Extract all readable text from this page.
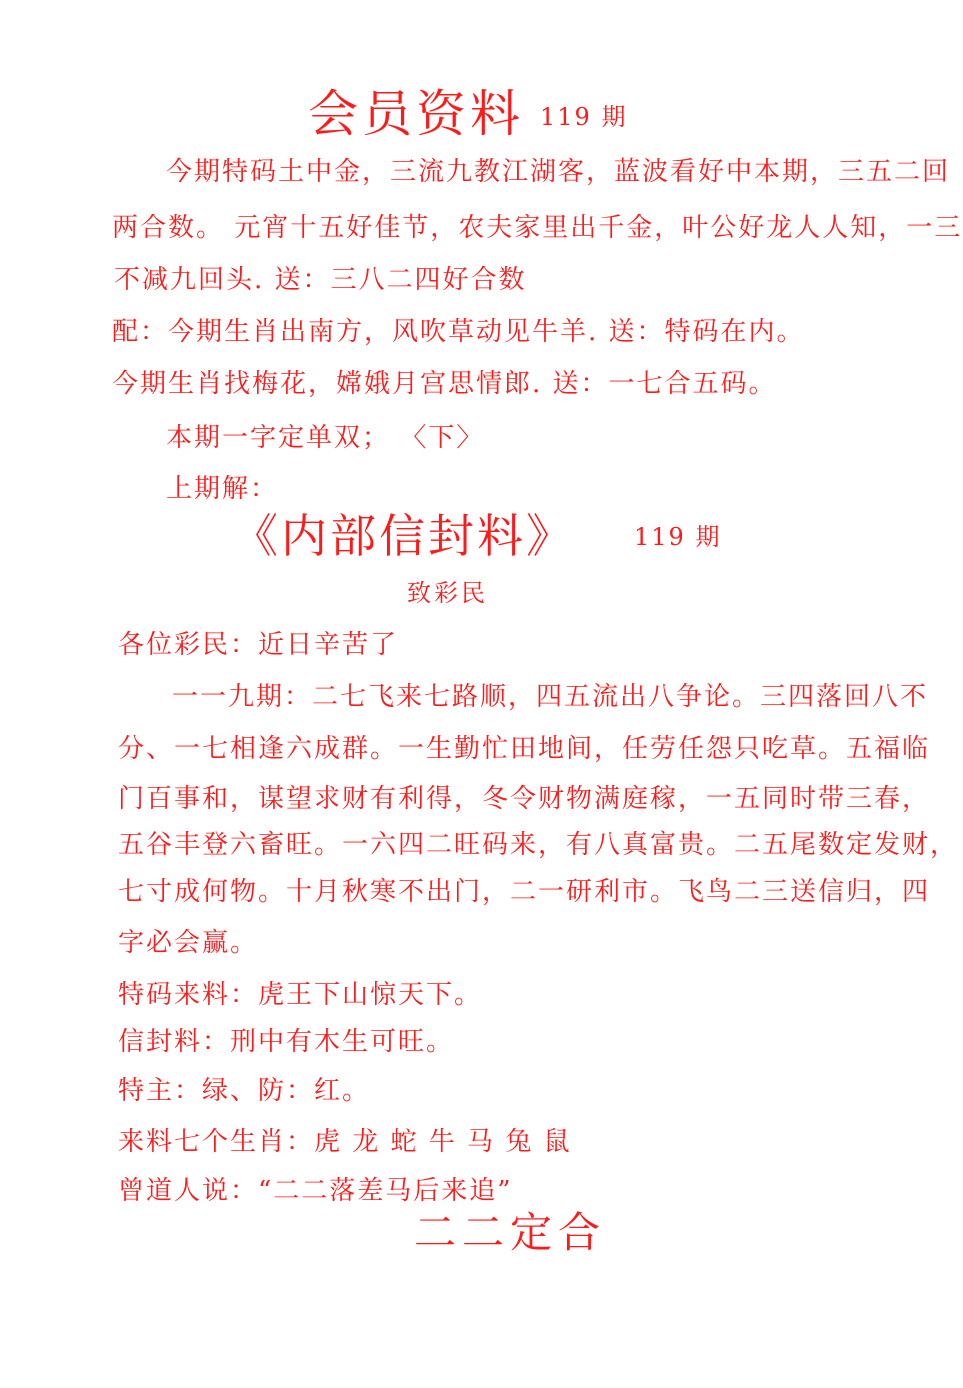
会员资料 119 期
今期特码土中金，三流九教江湖客，蓝波看好中本期，三五二回
两合数。 元宵十五好佳节，农夫家里出千金，叶公好龙人人知，一三
不减九回头. 送：三八二四好合数
配：今期生肖出南方，风吹草动见牛羊. 送：特码在内。
今期生肖找梅花，嫦娥月宫思情郎. 送：一七合五码。
本期一字定单双； 〈下〉
上期解：
《内部信封料》 119 期
致彩民
各位彩民：近日辛苦了
一一九期：二七飞来七路顺，四五流出八争论。三四落回八不
分、一七相逢六成群。一生勤忙田地间，任劳任怨只吃草。五福临
门百事和，谋望求财有利得，冬令财物满庭稼，一五同时带三春，
五谷丰登六畜旺。一六四二旺码来，有八真富贵。二五尾数定发财，
七寸成何物。十月秋寒不出门，二一研利市。飞鸟二三送信归，四
字必会赢。
特码来料：虎王下山惊天下。
信封料：刑中有木生可旺。
特主：绿、防：红。
来料七个生肖：虎 龙 蛇 牛 马 兔 鼠
曾道人说：“二二落差马后来追”
二二定合
